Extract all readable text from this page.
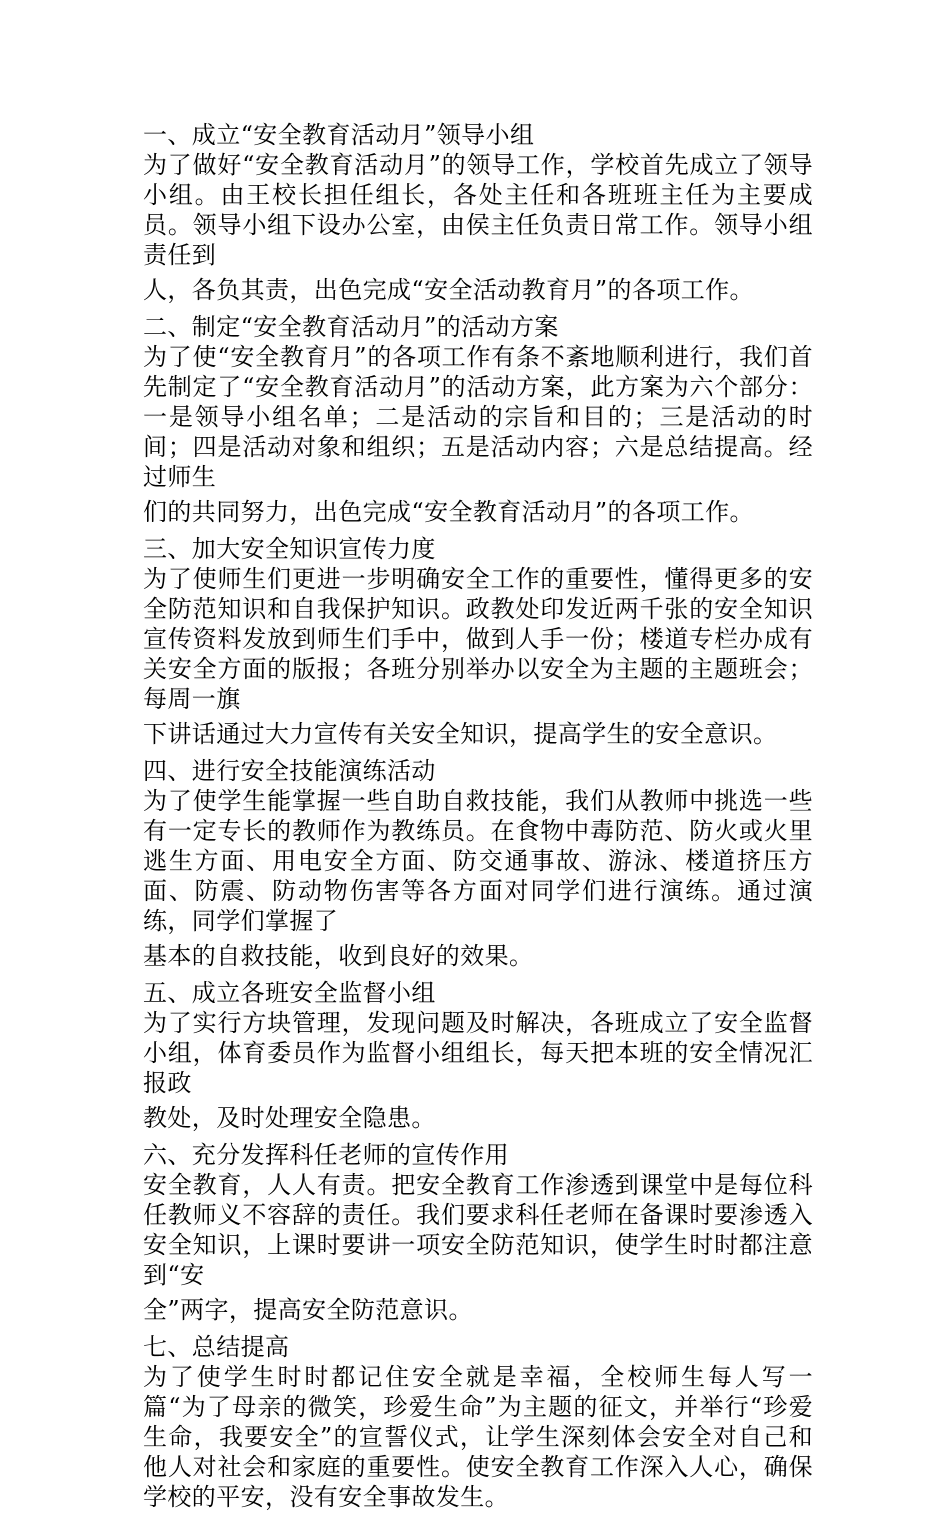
一、成立“安全教育活动月”领导小组
为了做好“安全教育活动月”的领导工作，学校首先成立了领导小组。由王校长担任组长，各处主任和各班班主任为主要成员。领导小组下设办公室，由侯主任负责日常工作。领导小组责任到
人，各负其责，出色完成“安全活动教育月”的各项工作。
二、制定“安全教育活动月”的活动方案
为了使“安全教育月”的各项工作有条不紊地顺利进行，我们首先制定了“安全教育活动月”的活动方案，此方案为六个部分：一是领导小组名单；二是活动的宗旨和目的；三是活动的时间；四是活动对象和组织；五是活动内容；六是总结提高。经过师生
们的共同努力，出色完成“安全教育活动月”的各项工作。
三、加大安全知识宣传力度
为了使师生们更进一步明确安全工作的重要性，懂得更多的安全防范知识和自我保护知识。政教处印发近两千张的安全知识宣传资料发放到师生们手中，做到人手一份；楼道专栏办成有关安全方面的版报；各班分别举办以安全为主题的主题班会；每周一旗
下讲话通过大力宣传有关安全知识，提高学生的安全意识。
四、进行安全技能演练活动
为了使学生能掌握一些自助自救技能，我们从教师中挑选一些有一定专长的教师作为教练员。在食物中毒防范、防火或火里逃生方面、用电安全方面、防交通事故、游泳、楼道挤压方面、防震、防动物伤害等各方面对同学们进行演练。通过演练，同学们掌握了
基本的自救技能，收到良好的效果。
五、成立各班安全监督小组
为了实行方块管理，发现问题及时解决，各班成立了安全监督小组，体育委员作为监督小组组长，每天把本班的安全情况汇报政
教处，及时处理安全隐患。
六、充分发挥科任老师的宣传作用
安全教育，人人有责。把安全教育工作渗透到课堂中是每位科任教师义不容辞的责任。我们要求科任老师在备课时要渗透入安全知识，上课时要讲一项安全防范知识，使学生时时都注意到“安
全”两字，提高安全防范意识。
七、总结提高
为了使学生时时都记住安全就是幸福，全校师生每人写一篇“为了母亲的微笑，珍爱生命”为主题的征文，并举行“珍爱生命，我要安全”的宣誓仪式，让学生深刻体会安全对自己和他人对社会和家庭的重要性。使安全教育工作深入人心，确保学校的平安，没有安全事故发生。
